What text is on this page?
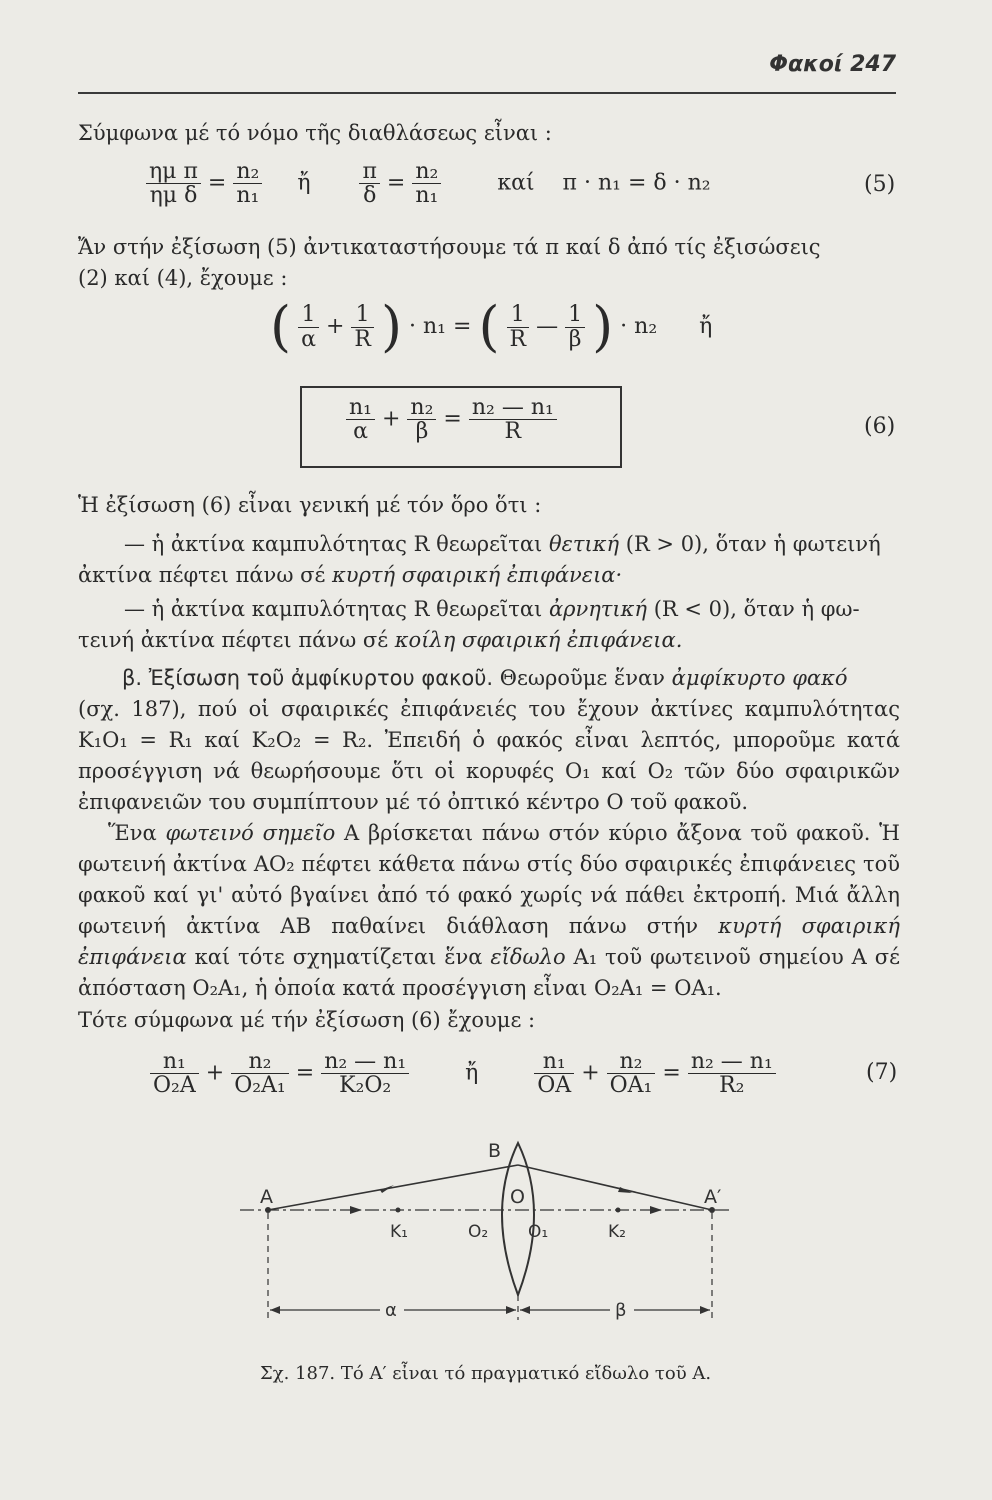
Φακοί 247
Σύμφωνα μέ τό νόμο τῆς διαθλάσεως εἶναι :
$\frac{\text{ημ π}}{\text{ημ δ}} = \frac{\text{n₂}}{\text{n₁}}$ ἤ $\frac{\pi}{\delta} = \frac{\text{n₂}}{\text{n₁}}$	καί π · n₁ = δ · n₂	(5)
Ἄν στήν ἐξίσωση (5) ἀντικαταστήσουμε τά π καί δ ἀπό τίς ἐξισώσεις
(2) καί (4), ἔχουμε :
( $\frac{1}{\alpha} + \frac{1}{R}$ ) · n₁ = ( $\frac{1}{R}$ — $\frac{1}{\beta}$ ) · n₂ ἤ
$\frac{\text{n₁}}{\alpha} + \frac{\text{n₂}}{\beta} = \frac{\text{n₂ — n₁}}{R}$	(6)
Ἡ ἐξίσωση (6) εἶναι γενική μέ τόν ὅρο ὅτι :
— ἡ ἀκτίνα καμπυλότητας R θεωρεῖται θετική (R > 0), ὅταν ἡ φωτεινή
ἀκτίνα πέφτει πάνω σέ κυρτή σφαιρική ἐπιφάνεια·
— ἡ ἀκτίνα καμπυλότητας R θεωρεῖται ἀρνητική (R < 0), ὅταν ἡ φω-
τεινή ἀκτίνα πέφτει πάνω σέ κοίλη σφαιρική ἐπιφάνεια.
β. Ἐξίσωση τοῦ ἀμφίκυρτου φακοῦ. Θεωροῦμε ἕναν ἀμφίκυρτο φακό
(σχ. 187), πού οἱ σφαιρικές ἐπιφάνειές του ἔχουν ἀκτίνες καμπυλότητας K₁O₁ = R₁ καί K₂O₂ = R₂. Ἐπειδή ὁ φακός εἶναι λεπτός, μποροῦμε κατά προσέγγιση νά θεωρήσουμε ὅτι οἱ κορυφές O₁ καί O₂ τῶν δύο σφαιρικῶν ἐπιφανειῶν του συμπίπτουν μέ τό ὀπτικό κέντρο O τοῦ φακοῦ.
Ἕνα φωτεινό σημεῖο A βρίσκεται πάνω στόν κύριο ἄξονα τοῦ φακοῦ. Ἡ φωτεινή ἀκτίνα AO₂ πέφτει κάθετα πάνω στίς δύο σφαιρικές ἐπιφάνειες τοῦ φακοῦ καί γι' αὐτό βγαίνει ἀπό τό φακό χωρίς νά πάθει ἐκτροπή. Μιά ἄλλη φωτεινή ἀκτίνα AB παθαίνει διάθλαση πάνω στήν κυρτή σφαιρική ἐπιφάνεια καί τότε σχηματίζεται ἕνα εἴδωλο A₁ τοῦ φωτεινοῦ σημείου A σέ ἀπόσταση O₂A₁, ἡ ὁποία κατά προσέγγιση εἶναι O₂A₁ = OA₁.
Τότε σύμφωνα μέ τήν ἐξίσωση (6) ἔχουμε :
$\frac{\text{n₁}}{\text{O₂A}} + \frac{\text{n₂}}{\text{O₂A₁}} = \frac{\text{n₂ — n₁}}{\text{K₂O₂}}$	ἤ	$\frac{\text{n₁}}{OA} + \frac{\text{n₂}}{\text{OA₁}} = \frac{\text{n₂ — n₁}}{\text{R₂}}$	(7)
A
B
O	A′
K₁	O₂ O₁	K₂
α	β
Σχ. 187. Τό A′ εἶναι τό πραγματικό εἴδωλο τοῦ A.
